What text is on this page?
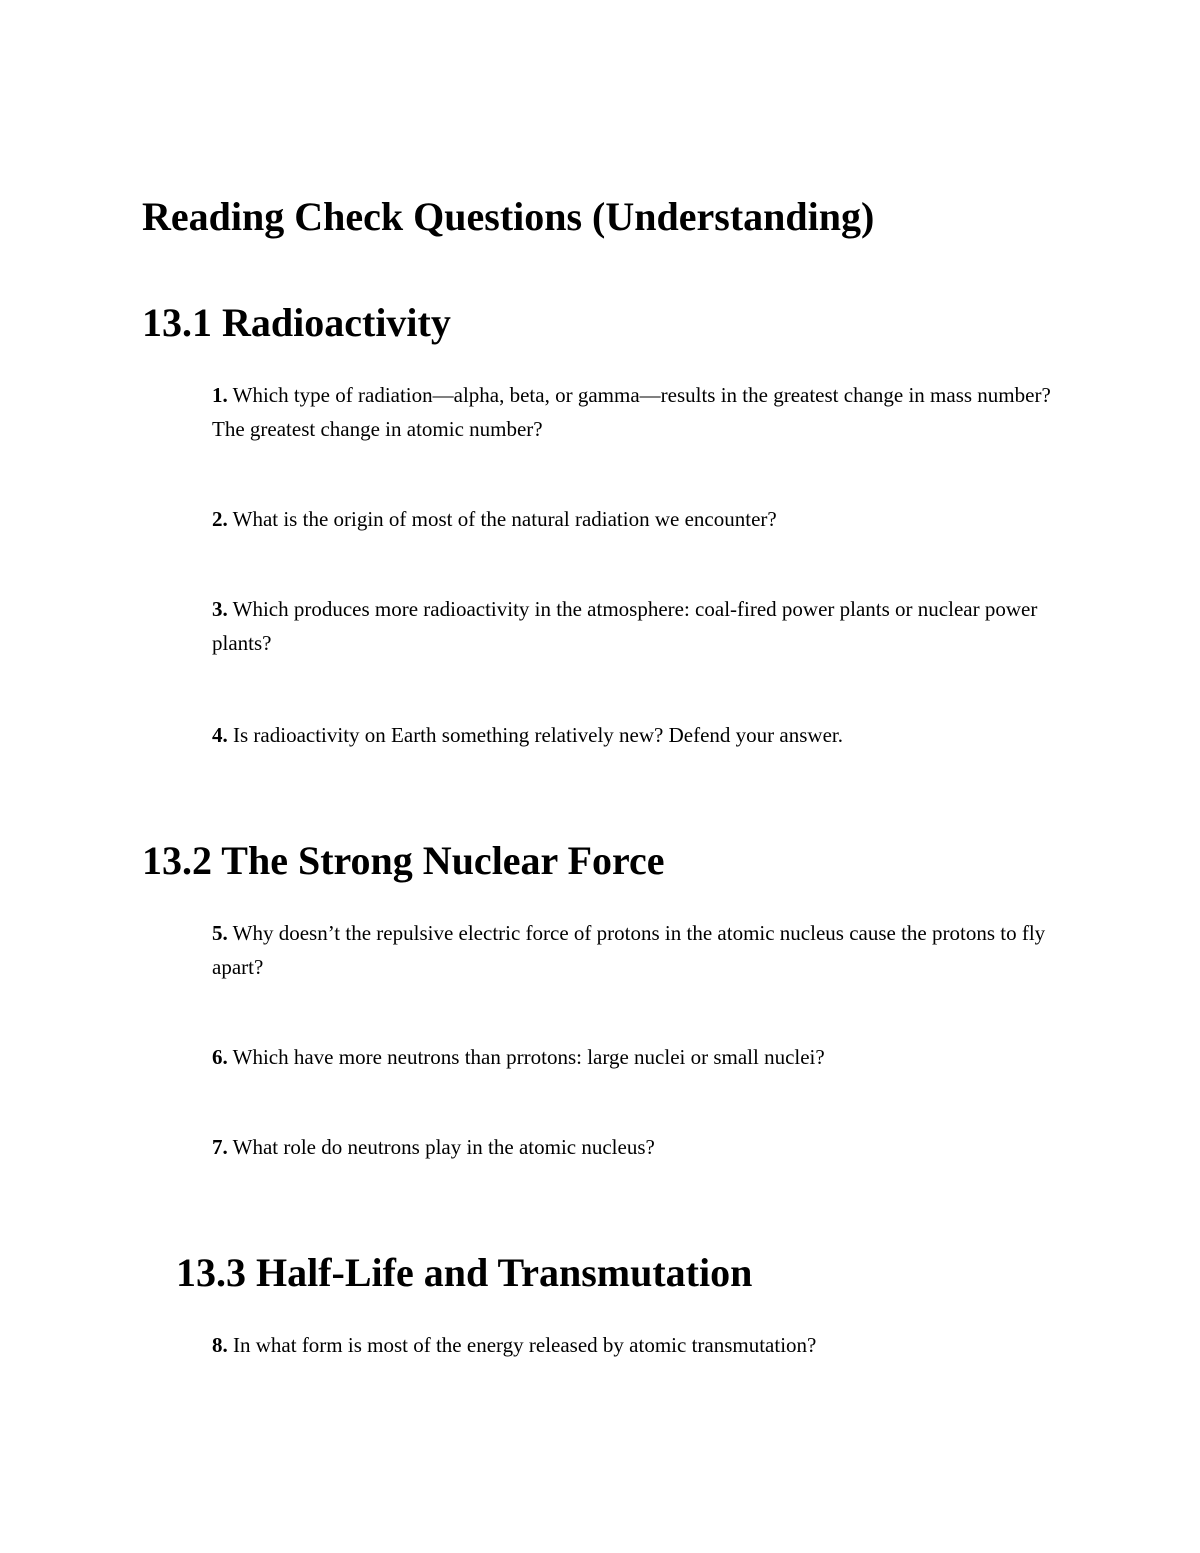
Reading Check Questions (Understanding)
13.1 Radioactivity

1. Which type of radiation—alpha, beta, or gamma—results in the greatest change in mass number? The greatest change in atomic number?

2. What is the origin of most of the natural radiation we encounter?

3. Which produces more radioactivity in the atmosphere: coal-fired power plants or nuclear power plants?

4. Is radioactivity on Earth something relatively new? Defend your answer.

13.2 The Strong Nuclear Force

5. Why doesn’t the repulsive electric force of protons in the atomic nucleus cause the protons to fly apart?

6. Which have more neutrons than prrotons: large nuclei or small nuclei?

7. What role do neutrons play in the atomic nucleus?

13.3 Half-Life and Transmutation

8. In what form is most of the energy released by atomic transmutation?
